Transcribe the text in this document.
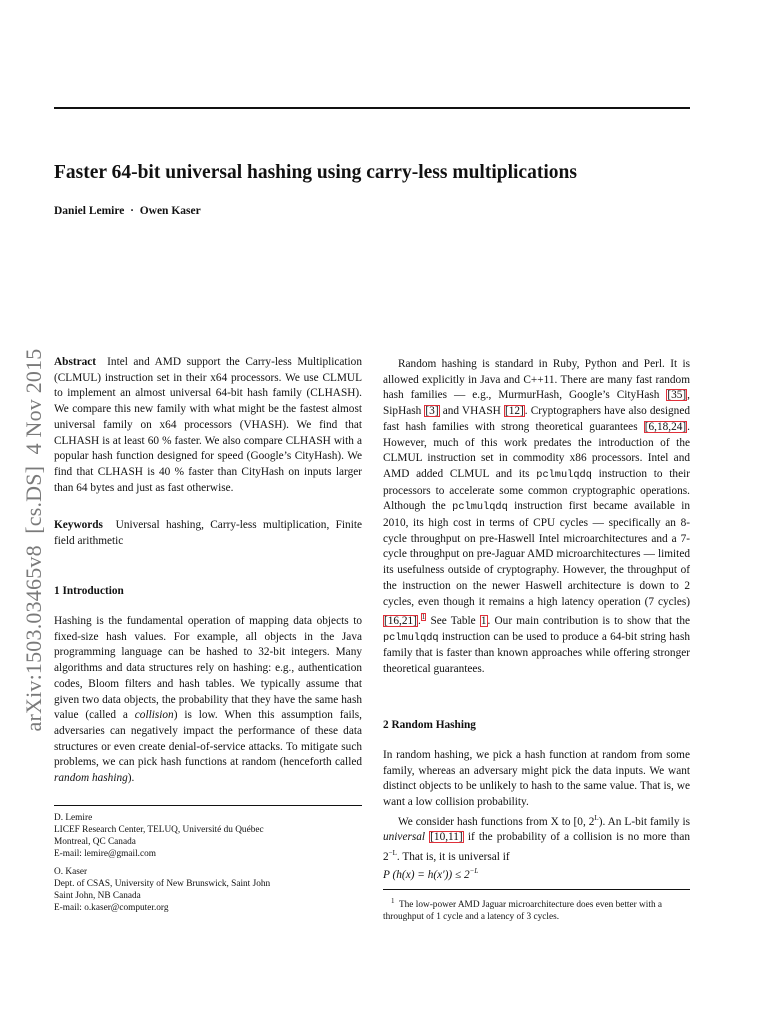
Faster 64-bit universal hashing using carry-less multiplications
Daniel Lemire  ·  Owen Kaser
arXiv:1503.03465v8  [cs.DS]  4 Nov 2015 Abstract Intel and AMD support the Carry-less Multiplication (CLMUL) instruction set in their x64 processors. We use CLMUL to implement an almost universal 64-bit hash family (CLHASH). We compare this new family with what might be the fastest almost universal family on x64 processors (VHASH). We find that CLHASH is at least 60 % faster. We also compare CLHASH with a popular hash function designed for speed (Google’s CityHash). We find that CLHASH is 40 % faster than CityHash on inputs larger than 64 bytes and just as fast otherwise.

Keywords Universal hashing, Carry-less multiplication, Finite field arithmetic

1 Introduction

Hashing is the fundamental operation of mapping data objects to fixed-size hash values. For example, all objects in the Java programming language can be hashed to 32-bit integers. Many algorithms and data structures rely on hashing: e.g., authentication codes, Bloom filters and hash tables. We typically assume that given two data objects, the probability that they have the same hash value (called a collision) is low. When this assumption fails, adversaries can negatively impact the performance of these data structures or even create denial-of-service attacks. To mitigate such problems, we can pick hash functions at random (henceforth called random hashing).

D. Lemire

LICEF Research Center, TELUQ, Université du Québec

Montreal, QC Canada

E-mail: lemire@gmail.com

O. Kaser

Dept. of CSAS, University of New Brunswick, Saint John

Saint John, NB Canada

E-mail: o.kaser@computer.org

Random hashing is standard in Ruby, Python and Perl. It is allowed explicitly in Java and C++11. There are many fast random hash families — e.g., MurmurHash, Google’s CityHash [35], SipHash [3] and VHASH [12]. Cryptographers have also designed fast hash families with strong theoretical guarantees [6,18,24]. However, much of this work predates the introduction of the CLMUL instruction set in commodity x86 processors. Intel and AMD added CLMUL and its pclmulqdq instruction to their processors to accelerate some common cryptographic operations. Although the pclmulqdq instruction first became available in 2010, its high cost in terms of CPU cycles — specifically an 8-cycle throughput on pre-Haswell Intel microarchitectures and a 7-cycle throughput on pre-Jaguar AMD microarchitectures — limited its usefulness outside of cryptography. However, the throughput of the instruction on the newer Haswell architecture is down to 2 cycles, even though it remains a high latency operation (7 cycles) [16,21].$^1$ See Table 1. Our main contribution is to show that the pclmulqdq instruction can be used to produce a 64-bit string hash family that is faster than known approaches while offering stronger theoretical guarantees.

2 Random Hashing

In random hashing, we pick a hash function at random from some family, whereas an adversary might pick the data inputs. We want distinct objects to be unlikely to hash to the same value. That is, we want a low collision probability.

We consider hash functions from X to [0, $2^L$). An L-bit family is universal [10,11] if the probability of a collision is no more than $2^{-L}$. That is, it is universal if

P $(h(x) = h(x')) \le 2^{-L}$

$^1$ The low-power AMD Jaguar microarchitecture does even better with a throughput of 1 cycle and a latency of 3 cycles.
